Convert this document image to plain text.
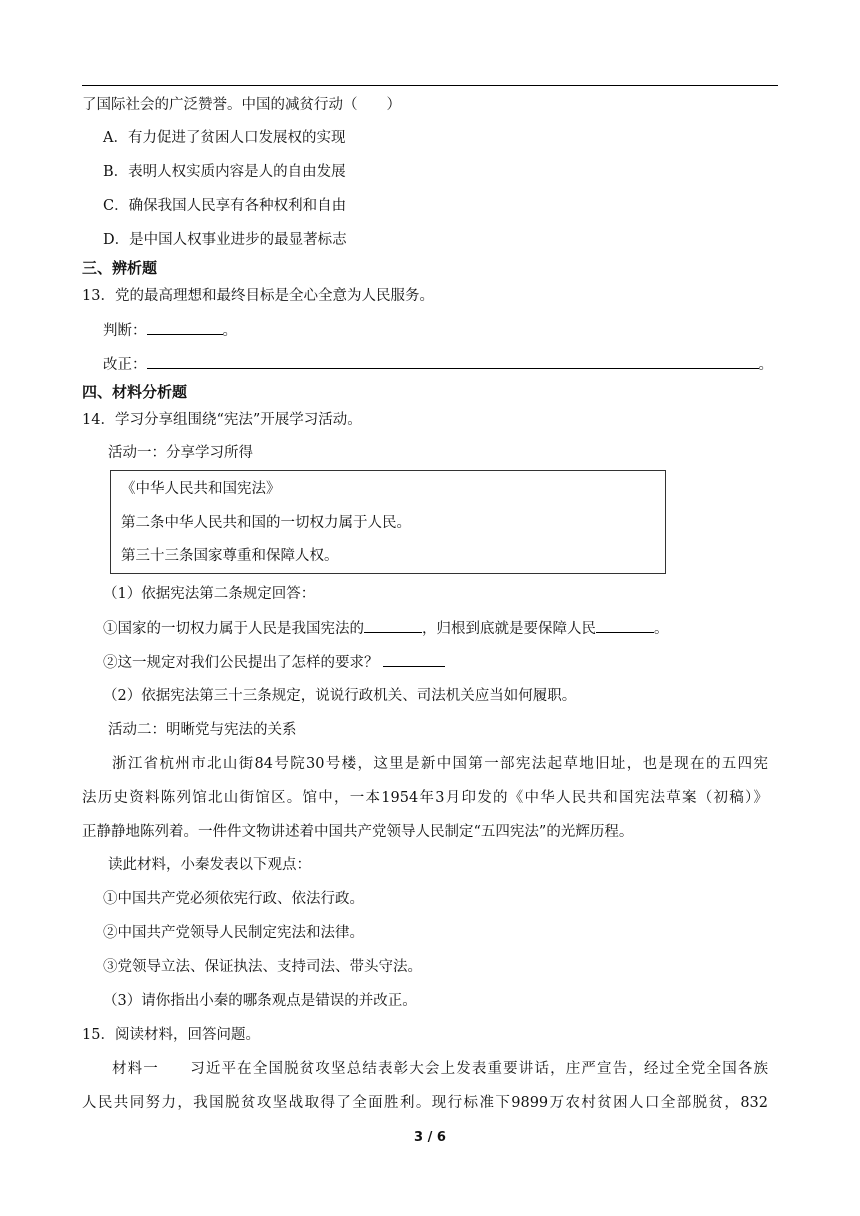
了国际社会的广泛赞誉。中国的减贫行动（　　）
A．有力促进了贫困人口发展权的实现
B．表明人权实质内容是人的自由发展
C．确保我国人民享有各种权利和自由
D．是中国人权事业进步的最显著标志
三、辨析题
13．党的最高理想和最终目标是全心全意为人民服务。
判断：	。
改正：	。
四、材料分析题
14．学习分享组围绕“宪法”开展学习活动。
活动一：分享学习所得
《中华人民共和国宪法》
第二条中华人民共和国的一切权力属于人民。
第三十三条国家尊重和保障人权。
（1）依据宪法第二条规定回答：
①国家的一切权力属于人民是我国宪法的	，归根到底就是要保障人民	。
②这一规定对我们公民提出了怎样的要求？
（2）依据宪法第三十三条规定，说说行政机关、司法机关应当如何履职。
活动二：明晰党与宪法的关系
浙江省杭州市北山街84号院30号楼，这里是新中国第一部宪法起草地旧址，也是现在的五四宪
法历史资料陈列馆北山街馆区。馆中，一本1954年3月印发的《中华人民共和国宪法草案（初稿）》
正静静地陈列着。一件件文物讲述着中国共产党领导人民制定“五四宪法”的光辉历程。
读此材料，小秦发表以下观点：
①中国共产党必须依宪行政、依法行政。
②中国共产党领导人民制定宪法和法律。
③党领导立法、保证执法、支持司法、带头守法。
（3）请你指出小秦的哪条观点是错误的并改正。
15．阅读材料，回答问题。
材料一　　习近平在全国脱贫攻坚总结表彰大会上发表重要讲话，庄严宣告，经过全党全国各族
人民共同努力，我国脱贫攻坚战取得了全面胜利。现行标准下9899万农村贫困人口全部脱贫，832
3 / 6
